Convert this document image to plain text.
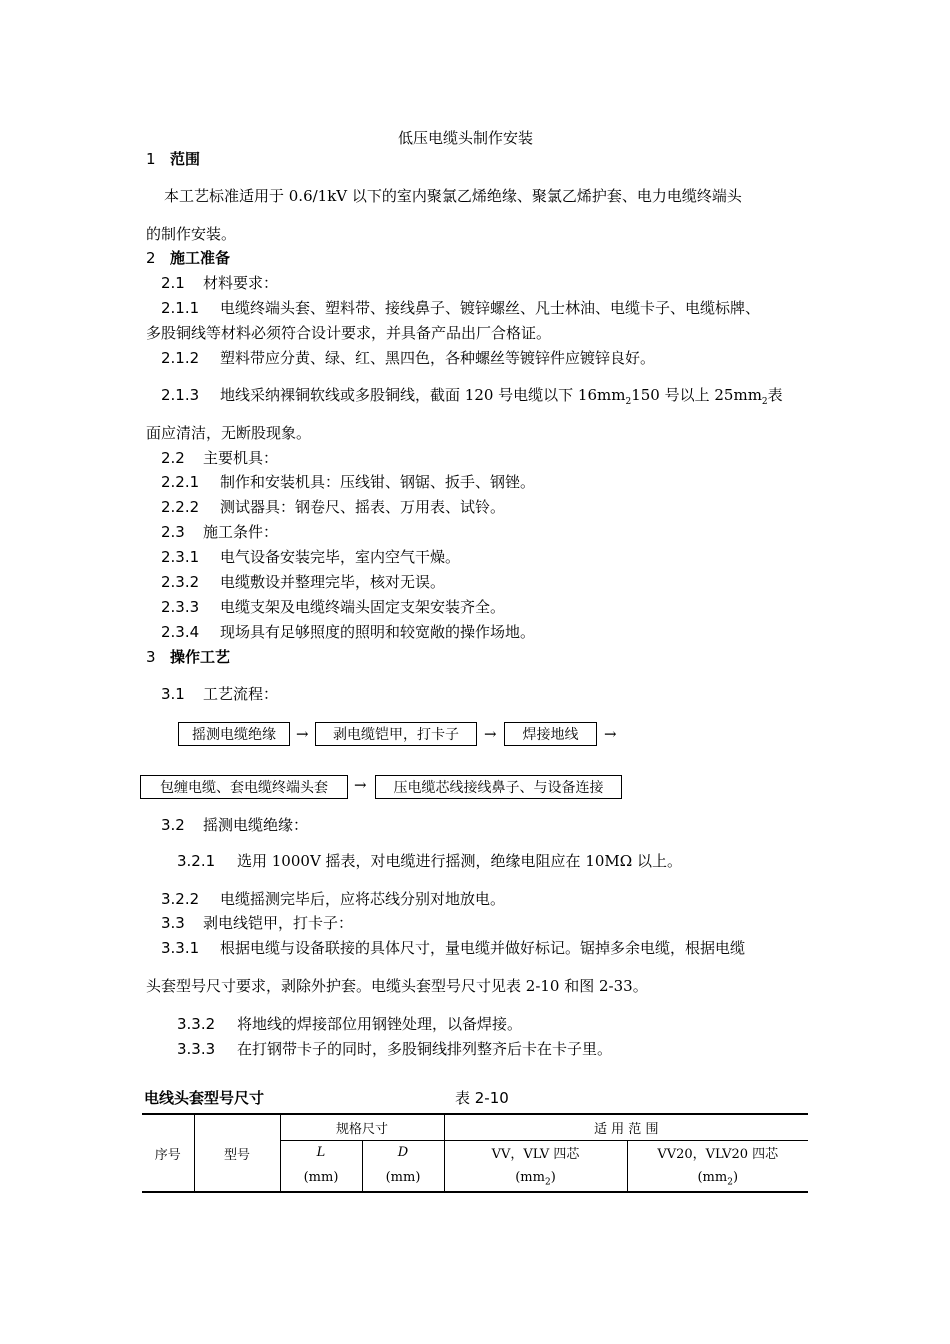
低压电缆头制作安装
1 范围
本工艺标准适用于 0.6/1kV 以下的室内聚氯乙烯绝缘、聚氯乙烯护套、电力电缆终端头
的制作安装。
2 施工准备
2.1 材料要求：
2.1.1 电缆终端头套、塑料带、接线鼻子、镀锌螺丝、凡士林油、电缆卡子、电缆标牌、
多股铜线等材料必须符合设计要求，并具备产品出厂合格证。
2.1.2 塑料带应分黄、绿、红、黑四色，各种螺丝等镀锌件应镀锌良好。
2.1.3 地线采纳裸铜软线或多股铜线，截面 120 号电缆以下 $16mm_2150$ 号以上 $25mm_2$表
面应清洁，无断股现象。
2.2 主要机具：
2.2.1 制作和安装机具：压线钳、钢锯、扳手、钢锉。
2.2.2 测试器具：钢卷尺、摇表、万用表、试铃。
2.3 施工条件：
2.3.1 电气设备安装完毕，室内空气干燥。
2.3.2 电缆敷设并整理完毕，核对无误。
2.3.3 电缆支架及电缆终端头固定支架安装齐全。
2.3.4 现场具有足够照度的照明和较宽敞的操作场地。
3 操作工艺
3.1 工艺流程：
摇测电缆绝缘	→	剥电缆铠甲，打卡子	→	焊接地线	→
包缠电缆、套电缆终端头套	→	压电缆芯线接线鼻子、与设备连接
3.2 摇测电缆绝缘：
3.2.1 选用 1000V 摇表，对电缆进行摇测，绝缘电阻应在 10MΩ 以上。
3.2.2 电缆摇测完毕后，应将芯线分别对地放电。
3.3 剥电线铠甲，打卡子：
3.3.1 根据电缆与设备联接的具体尺寸，量电缆并做好标记。锯掉多余电缆，根据电缆
头套型号尺寸要求，剥除外护套。电缆头套型号尺寸见表 2-10 和图 2-33。
3.3.2 将地线的焊接部位用钢锉处理，以备焊接。
3.3.3 在打钢带卡子的同时，多股铜线排列整齐后卡在卡子里。
电线头套型号尺寸	表 2-10
序号	型号	规格尺寸		适 用 范 围	
		L	D	VV，VLV 四芯	VV20，VLV20 四芯
		(mm)	(mm)	$(mm_2)$	$(mm_2)$
